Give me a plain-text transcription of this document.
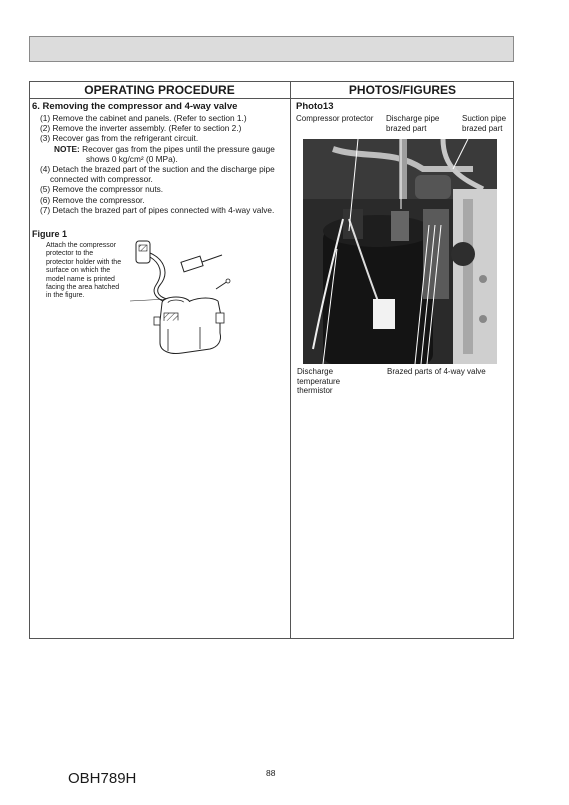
OPERATING PROCEDURE	PHOTOS/FIGURES
6. Removing the compressor and 4-way valve
(1) Remove the cabinet and panels. (Refer to section 1.)
(2) Remove the inverter assembly. (Refer to section 2.)
(3) Recover gas from the refrigerant circuit.
NOTE: Recover gas from the pipes until the pressure gauge
shows 0 kg/cm² (0 MPa).
(4) Detach the brazed part of the suction and the discharge pipe
connected with compressor.
(5) Remove the compressor nuts.
(6) Remove the compressor.
(7) Detach the brazed part of pipes connected with 4-way valve.
Figure 1
Attach the compressor
protector to the
protector holder with the
surface on which the
model name is printed
facing the area hatched
in the figure.
Photo13
Compressor protector Discharge pipe
brazed part
Suction pipe
brazed part
Discharge
temperature
thermistor
Brazed parts of 4-way valve
OBH789H	88
